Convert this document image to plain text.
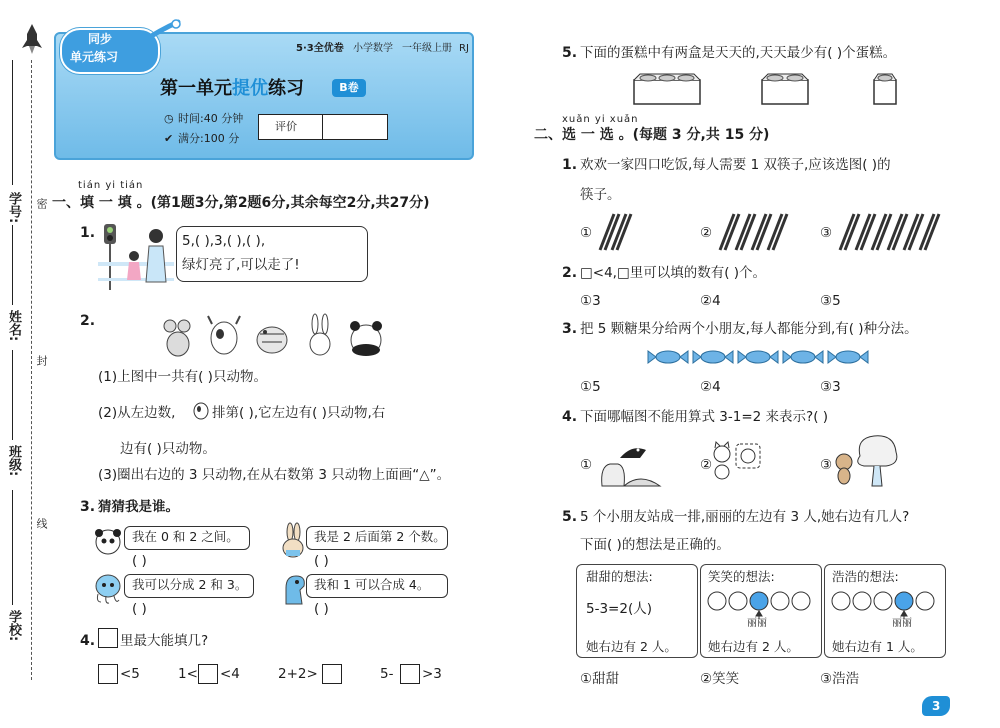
学号:
姓名:
班级:
学校:
密
封
线
同步
单元练习
5·3全优卷 小学数学 一年级上册 RJ
第一单元提优练习	B卷
◷ 时间:40 分钟
✔ 满分:100 分
评价
tián yi tián
一、填 一 填 。(第1题3分,第2题6分,其余每空2分,共27分)
1.	5,( ),3,( ),( ),
绿灯亮了,可以走了!
2.
(1)上图中一共有( )只动物。
(2)从左边数,	排第( ),它左边有( )只动物,右
边有( )只动物。
(3)圈出右边的 3 只动物,在从右数第 3 只动物上面画“△”。
3. 猜猜我是谁。
我在 0 和 2 之间。
( )
我是 2 后面第 2 个数。
( )
我可以分成 2 和 3。
( )
我和 1 可以合成 4。
( )
4. 里最大能填几?
<5	1< <4	2+2>	5- >3
5. 下面的蛋糕中有两盒是天天的,天天最少有( )个蛋糕。
xuǎn yi xuǎn
二、选 一 选 。(每题 3 分,共 15 分)
1. 欢欢一家四口吃饭,每人需要 1 双筷子,应该选图( )的
筷子。
①	②	③
2. □<4,□里可以填的数有( )个。
①3	②4	③5
3. 把 5 颗糖果分给两个小朋友,每人都能分到,有( )种分法。
①5	②4	③3
4. 下面哪幅图不能用算式 3-1=2 来表示?( )
①	②	③
5. 5 个小朋友站成一排,丽丽的左边有 3 人,她右边有几人?
下面( )的想法是正确的。
甜甜的想法:
5-3=2(人)
她右边有 2 人。
笑笑的想法:
丽丽
她右边有 2 人。
浩浩的想法:
丽丽
她右边有 1 人。
①甜甜	②笑笑	③浩浩
3
